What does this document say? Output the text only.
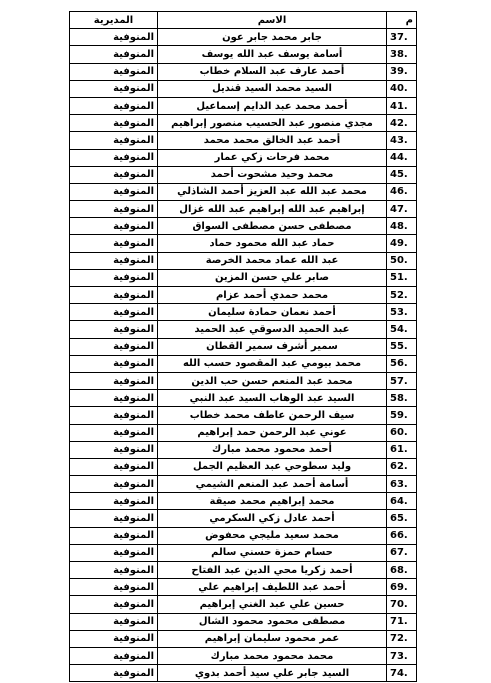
م	الاسم	المديرية
37.	جابر محمد جابر عون	المنوفية
38.	أسامة يوسف عبد الله يوسف	المنوفية
39.	أحمد عارف عبد السلام خطاب	المنوفية
40.	السيد محمد السيد قنديل	المنوفية
41.	أحمد محمد عبد الدايم إسماعيل	المنوفية
42.	مجدي منصور عبد الحسيب منصور إبراهيم	المنوفية
43.	أحمد عبد الخالق محمد محمد	المنوفية
44.	محمد فرحات زكي عمار	المنوفية
45.	محمد وحيد مشحوت أحمد	المنوفية
46.	محمد عبد الله عبد العزيز أحمد الشاذلي	المنوفية
47.	إبراهيم عبد الله إبراهيم عبد الله غزال	المنوفية
48.	مصطفى حسن مصطفى السواق	المنوفية
49.	حماد عبد الله محمود حماد	المنوفية
50.	عبد الله عماد محمد الخرصة	المنوفية
51.	صابر علي حسن المزين	المنوفية
52.	محمد حمدي أحمد عزام	المنوفية
53.	أحمد نعمان حمادة سليمان	المنوفية
54.	عبد الحميد الدسوقي عبد الحميد	المنوفية
55.	سمير أشرف سمير القطان	المنوفية
56.	محمد بيومي عبد المقصود حسب الله	المنوفية
57.	محمد عبد المنعم حسن حب الدين	المنوفية
58.	السيد عبد الوهاب السيد عبد النبي	المنوفية
59.	سيف الرحمن عاطف محمد خطاب	المنوفية
60.	عوني عبد الرحمن حمد إبراهيم	المنوفية
61.	أحمد محمود محمد مبارك	المنوفية
62.	وليد سطوحي عبد العظيم الجمل	المنوفية
63.	أسامة أحمد عبد المنعم الشيمي	المنوفية
64.	محمد إبراهيم محمد صيقة	المنوفية
65.	أحمد عادل زكي السكرمي	المنوفية
66.	محمد سعيد مليجي محفوض	المنوفية
67.	حسام حمزة حسني سالم	المنوفية
68.	أحمد زكريا محي الدين عبد الفتاح	المنوفية
69.	أحمد عبد اللطيف إبراهيم علي	المنوفية
70.	حسين علي عبد الغني إبراهيم	المنوفية
71.	مصطفى محمود محمود الشال	المنوفية
72.	عمر محمود سليمان إبراهيم	المنوفية
73.	محمد محمود محمد مبارك	المنوفية
74.	السيد جابر علي سيد أحمد بدوي	المنوفية
